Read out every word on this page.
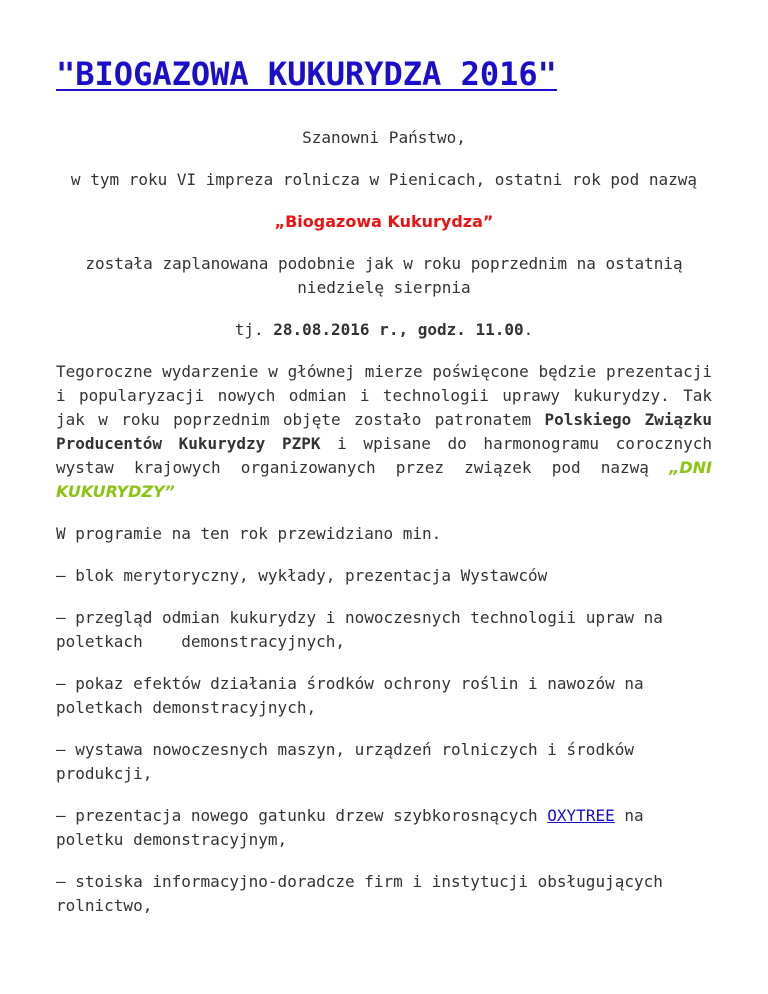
"BIOGAZOWA KUKURYDZA 2016"

Szanowni Państwo,

w tym roku VI impreza rolnicza w Pienicach, ostatni rok pod nazwą

„Biogazowa Kukurydza”

została zaplanowana podobnie jak w roku poprzednim na ostatnią niedzielę sierpnia

tj. 28.08.2016 r., godz. 11.00.

Tegoroczne wydarzenie w głównej mierze poświęcone będzie prezentacji i popularyzacji nowych odmian i technologii uprawy kukurydzy. Tak jak w roku poprzednim objęte zostało patronatem Polskiego Związku Producentów Kukurydzy PZPK i wpisane do harmonogramu corocznych wystaw krajowych organizowanych przez związek pod nazwą „DNI KUKURYDZY”

W programie na ten rok przewidziano min.

– blok merytoryczny, wykłady, prezentacja Wystawców

– przegląd odmian kukurydzy i nowoczesnych technologii upraw na poletkach    demonstracyjnych,

– pokaz efektów działania środków ochrony roślin i nawozów na poletkach demonstracyjnych,

– wystawa nowoczesnych maszyn, urządzeń rolniczych i środków produkcji,

– prezentacja nowego gatunku drzew szybkorosnących OXYTREE na poletku demonstracyjnym,

– stoiska informacyjno-doradcze firm i instytucji obsługujących rolnictwo,
